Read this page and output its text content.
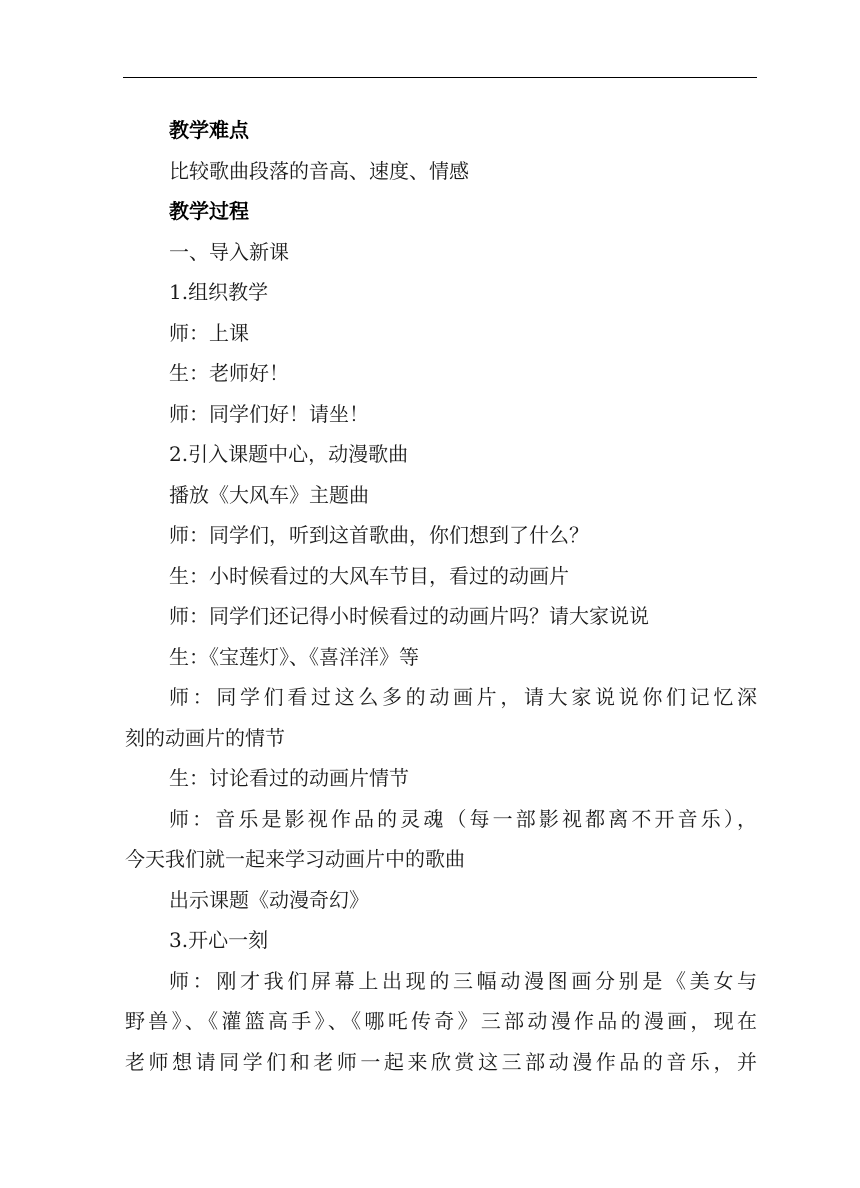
教学难点
比较歌曲段落的音高、速度、情感
教学过程
一、导入新课
1.组织教学
师：上课
生：老师好！
师：同学们好！请坐！
2.引入课题中心，动漫歌曲
播放《大风车》主题曲
师：同学们，听到这首歌曲，你们想到了什么？
生：小时候看过的大风车节目，看过的动画片
师：同学们还记得小时候看过的动画片吗？请大家说说
生：《宝莲灯》、《喜洋洋》等
师：同学们看过这么多的动画片，请大家说说你们记忆深
刻的动画片的情节
生：讨论看过的动画片情节
师：音乐是影视作品的灵魂（每一部影视都离不开音乐），
今天我们就一起来学习动画片中的歌曲
出示课题《动漫奇幻》
3.开心一刻
师：刚才我们屏幕上出现的三幅动漫图画分别是《美女与
野兽》、《灌篮高手》、《哪吒传奇》三部动漫作品的漫画，现在
老师想请同学们和老师一起来欣赏这三部动漫作品的音乐，并
